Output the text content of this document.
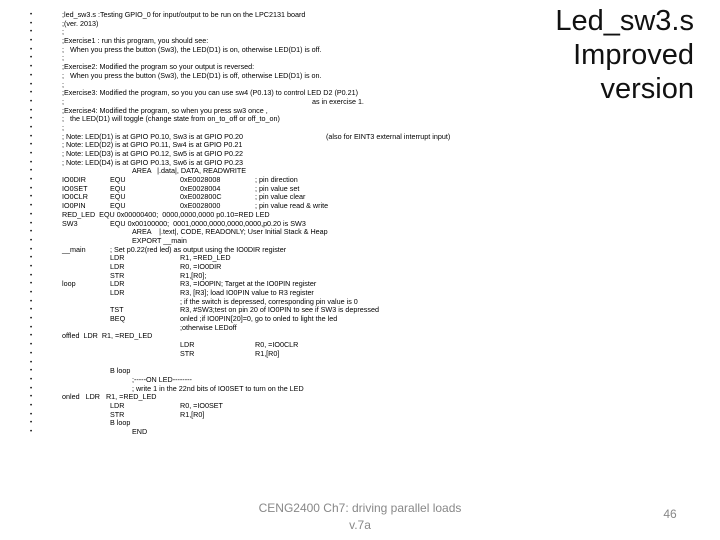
•	;led_sw3.s :Testing GPIO_0 for input/output to be run on the LPC2131 board
•	;(ver. 2013)
•	;
•	;Exercise1 : run this program, you should see:
•	;   When you press the button (Sw3), the LED(D1) is on, otherwise LED(D1) is off.
•	;
•	;Exercise2: Modified the program so your output is reversed:
•	;   When you press the button (Sw3), the LED(D1) is off, otherwise LED(D1) is on.
•	;
•	;Exercise3: Modified the program, so you you can use sw4 (P0.13) to control LED D2 (P0.21)
•	;	as in exercise 1.
•	;Exercise4: Modified the program, so when you press sw3 once ,
•	;   the LED(D1) will toggle (change state from on_to_off or off_to_on)
•	;
•	; Note: LED(D1) is at GPIO P0.10, Sw3 is at GPIO P0.20	(also for EINT3 external interrupt input)
•	; Note: LED(D2) is at GPIO P0.11, Sw4 is at GPIO P0.21
•	; Note: LED(D3) is at GPIO P0.12, Sw5 is at GPIO P0.22
•	; Note: LED(D4) is at GPIO P0.13, Sw6 is at GPIO P0.23
•	AREA   |.data|, DATA, READWRITE
•	IO0DIR	EQU	0xE0028008	; pin direction
•	IO0SET	EQU	0xE0028004	; pin value set
•	IO0CLR	EQU	0xE002800C	; pin value clear
•	IO0PIN	EQU	0xE0028000	; pin value read & write
•	RED_LED  EQU 0x00000400;  0000,0000,0000 p0.10=RED LED
•	SW3	EQU 0x00100000;  0001,0000,0000,0000,0000,p0.20 is SW3
•	AREA    |.text|, CODE, READONLY; User Initial Stack & Heap
•	EXPORT __main
•	__main	; Set p0.22(red led) as output using the IO0DIR register
•	LDR	R1, =RED_LED
•	LDR	R0, =IO0DIR
•	STR	R1,[R0];
•	loop	LDR	R3, =IO0PIN; Target at the IO0PIN register
•	LDR	R3, [R3]; load IO0PIN value to R3 register
•	; if the switch is depressed, corresponding pin value is 0
•	TST	R3, #SW3;test on pin 20 of IO0PIN to see if SW3 is depressed
•	BEQ	onled ;if IO0PIN[20]=0, go to onled to light the led
•	;otherwise LEDoff
•	offled  LDR  R1, =RED_LED
•	LDR	R0, =IO0CLR
•	STR	R1,[R0]
•
•	B loop
•	;-----ON LED--------
•	; write 1 in the 22nd bits of IO0SET to turn on the LED
•	onled   LDR   R1, =RED_LED
•	LDR	R0, =IO0SET
•	STR	R1,[R0]
•	B loop
•	END
Led_sw3.s
Improved
version
CENG2400 Ch7: driving parallel loads
v.7a
46
